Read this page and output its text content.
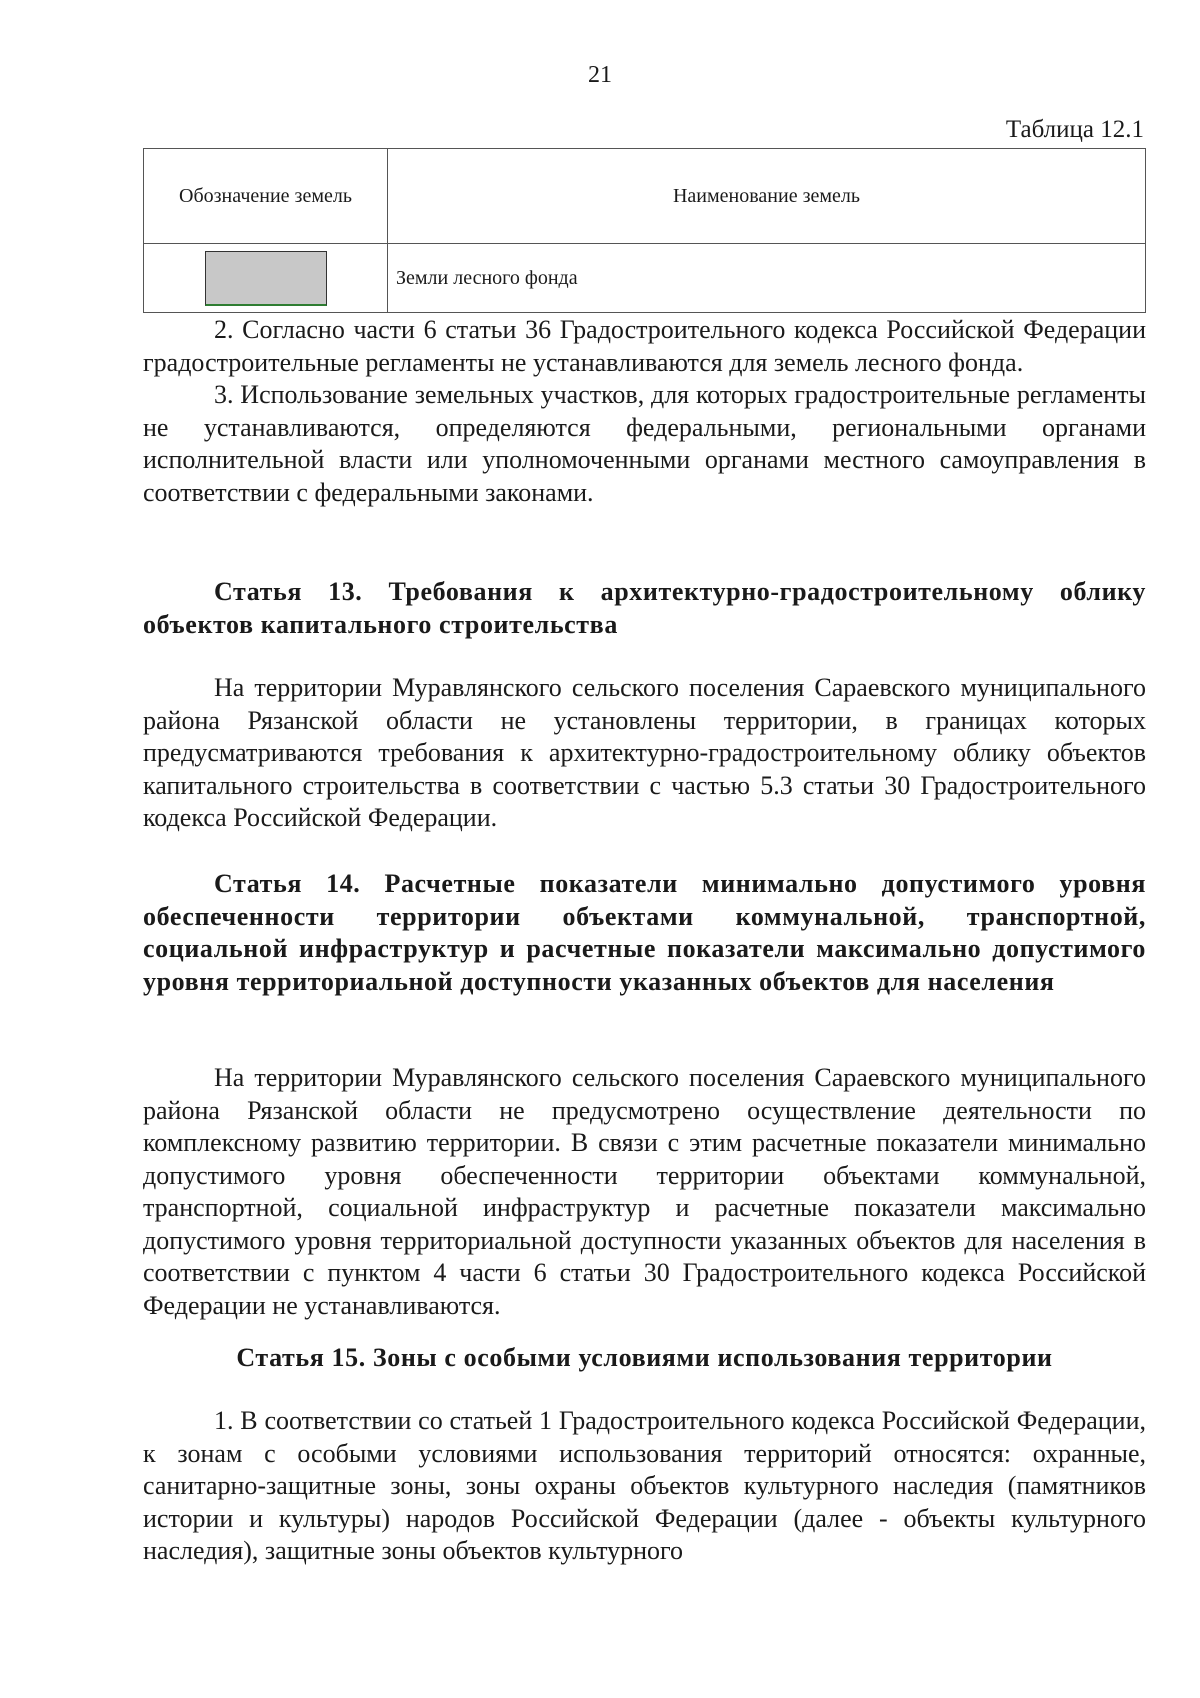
21
Таблица 12.1
Обозначение земель	Наименование земель
	Земли лесного фонда

2. Согласно части 6 статьи 36 Градостроительного кодекса Российской Федерации градостроительные регламенты не устанавливаются для земель лесного фонда.

3. Использование земельных участков, для которых градостроительные регламенты не устанавливаются, определяются федеральными, региональными органами исполнительной власти или уполномоченными органами местного самоуправления в соответствии с федеральными законами.

Статья 13. Требования к архитектурно-градостроительному облику объектов капитального строительства

На территории Муравлянского сельского поселения Сараевского муниципального района Рязанской области не установлены территории, в границах которых предусматриваются требования к архитектурно-градостроительному облику объектов капитального строительства в соответствии с частью 5.3 статьи 30 Градостроительного кодекса Российской Федерации.

Статья 14. Расчетные показатели минимально допустимого уровня обеспеченности территории объектами коммунальной, транспортной, социальной инфраструктур и расчетные показатели максимально допустимого уровня территориальной доступности указанных объектов для населения

На территории Муравлянского сельского поселения Сараевского муниципального района Рязанской области не предусмотрено осуществление деятельности по комплексному развитию территории. В связи с этим расчетные показатели минимально допустимого уровня обеспеченности территории объектами коммунальной, транспортной, социальной инфраструктур и расчетные показатели максимально допустимого уровня территориальной доступности указанных объектов для населения в соответствии с пунктом 4 части 6 статьи 30 Градостроительного кодекса Российской Федерации не устанавливаются.

Статья 15. Зоны с особыми условиями использования территории

1. В соответствии со статьей 1 Градостроительного кодекса Российской Федерации, к зонам с особыми условиями использования территорий относятся: охранные, санитарно-защитные зоны, зоны охраны объектов культурного наследия (памятников истории и культуры) народов Российской Федерации (далее - объекты культурного наследия), защитные зоны объектов культурного
